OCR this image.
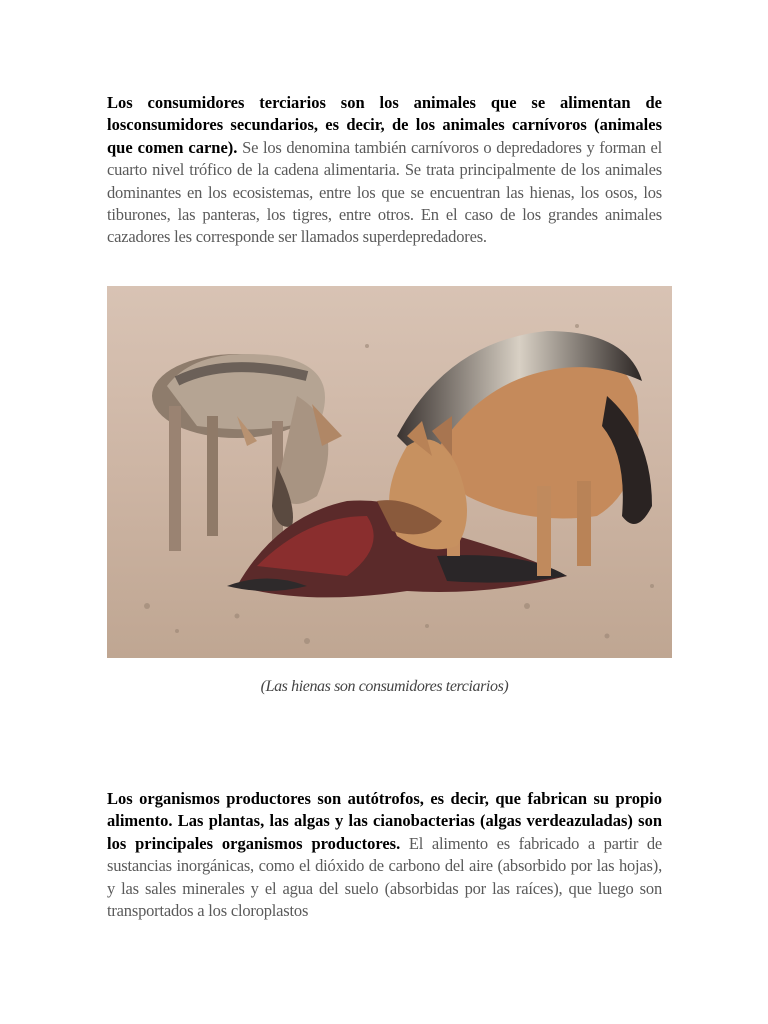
Los consumidores terciarios son los animales que se alimentan de losconsumidores secundarios, es decir, de los animales carnívoros (animales que comen carne). Se los denomina también carnívoros o depredadores y forman el cuarto nivel trófico de la cadena alimentaria. Se trata principalmente de los animales dominantes en los ecosistemas, entre los que se encuentran las hienas, los osos, los tiburones, las panteras, los tigres, entre otros. En el caso de los grandes animales cazadores les corresponde ser llamados superdepredadores.

(Las hienas son consumidores terciarios)

Los organismos productores son autótrofos, es decir, que fabrican su propio alimento. Las plantas, las algas y las cianobacterias (algas verdeazuladas) son los principales organismos productores. El alimento es fabricado a partir de sustancias inorgánicas, como el dióxido de carbono del aire (absorbido por las hojas), y las sales minerales y el agua del suelo (absorbidas por las raíces), que luego son transportados a los cloroplastos
